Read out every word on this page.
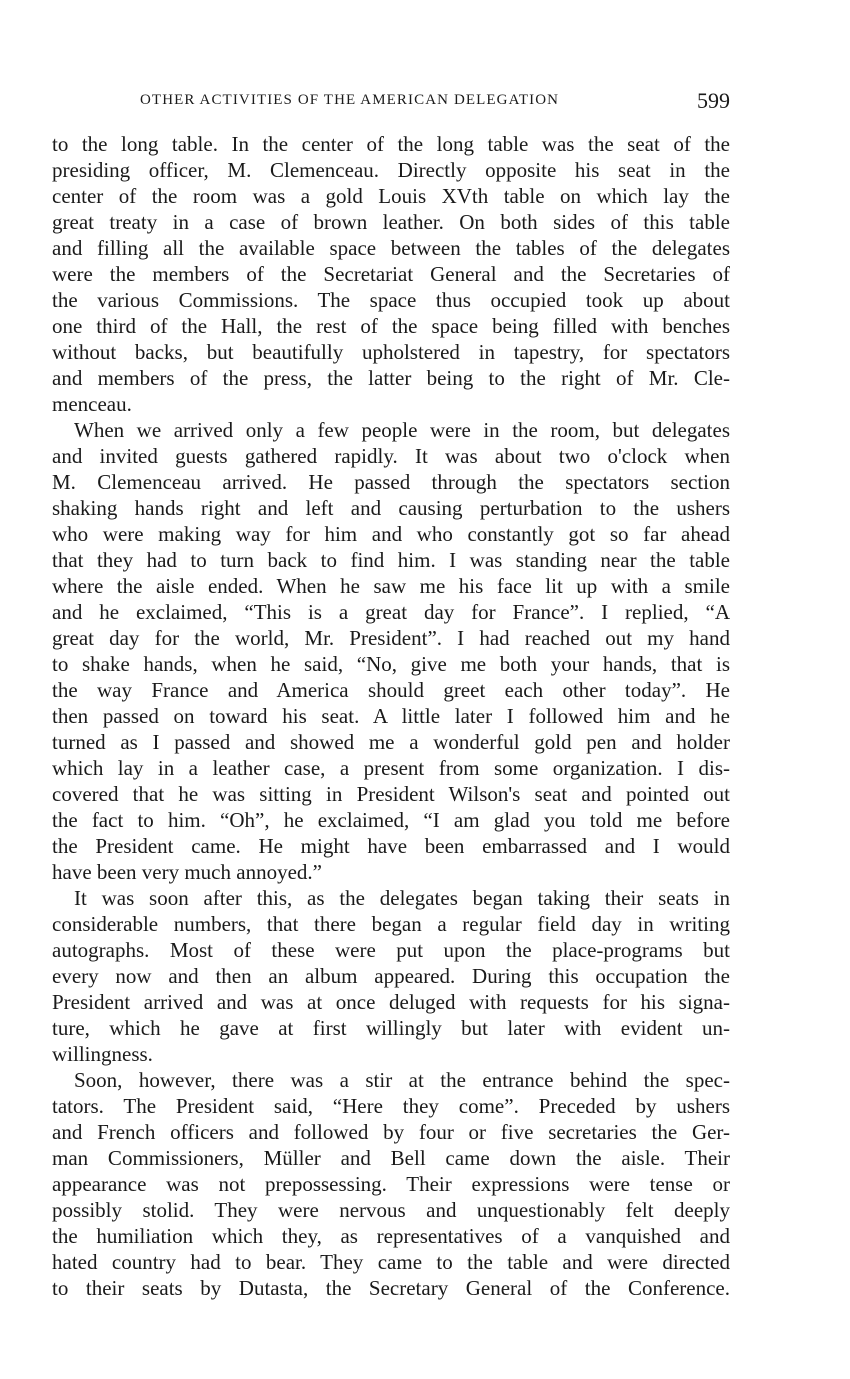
OTHER ACTIVITIES OF THE AMERICAN DELEGATION	599
to the long table. In the center of the long table was the seat of the
presiding officer, M. Clemenceau. Directly opposite his seat in the
center of the room was a gold Louis XVth table on which lay the
great treaty in a case of brown leather. On both sides of this table
and filling all the available space between the tables of the delegates
were the members of the Secretariat General and the Secretaries of
the various Commissions. The space thus occupied took up about
one third of the Hall, the rest of the space being filled with benches
without backs, but beautifully upholstered in tapestry, for spectators
and members of the press, the latter being to the right of Mr. Cle-
menceau.
When we arrived only a few people were in the room, but delegates
and invited guests gathered rapidly. It was about two o'clock when
M. Clemenceau arrived. He passed through the spectators section
shaking hands right and left and causing perturbation to the ushers
who were making way for him and who constantly got so far ahead
that they had to turn back to find him. I was standing near the table
where the aisle ended. When he saw me his face lit up with a smile
and he exclaimed, “This is a great day for France”. I replied, “A
great day for the world, Mr. President”. I had reached out my hand
to shake hands, when he said, “No, give me both your hands, that is
the way France and America should greet each other today”. He
then passed on toward his seat. A little later I followed him and he
turned as I passed and showed me a wonderful gold pen and holder
which lay in a leather case, a present from some organization. I dis-
covered that he was sitting in President Wilson's seat and pointed out
the fact to him. “Oh”, he exclaimed, “I am glad you told me before
the President came. He might have been embarrassed and I would
have been very much annoyed.”
It was soon after this, as the delegates began taking their seats in
considerable numbers, that there began a regular field day in writing
autographs. Most of these were put upon the place-programs but
every now and then an album appeared. During this occupation the
President arrived and was at once deluged with requests for his signa-
ture, which he gave at first willingly but later with evident un-
willingness.
Soon, however, there was a stir at the entrance behind the spec-
tators. The President said, “Here they come”. Preceded by ushers
and French officers and followed by four or five secretaries the Ger-
man Commissioners, Müller and Bell came down the aisle. Their
appearance was not prepossessing. Their expressions were tense or
possibly stolid. They were nervous and unquestionably felt deeply
the humiliation which they, as representatives of a vanquished and
hated country had to bear. They came to the table and were directed
to their seats by Dutasta, the Secretary General of the Conference.
